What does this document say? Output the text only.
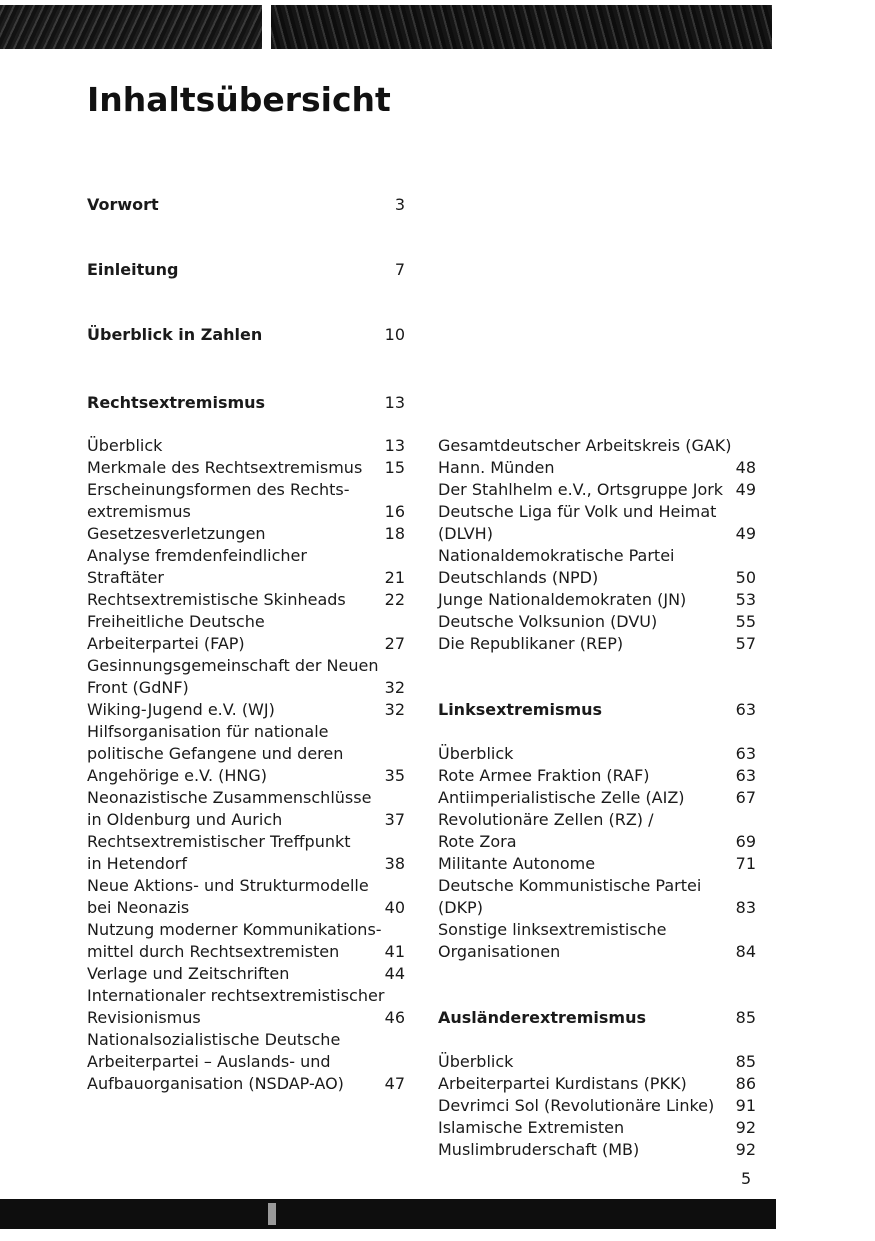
Inhaltsübersicht
Vorwort	3
Einleitung	7
Überblick in Zahlen	10
Rechtsextremismus	13
Überblick	13
Merkmale des Rechtsextremismus 15
Erscheinungsformen des Rechts-
extremismus	16
Gesetzesverletzungen	18
Analyse fremdenfeindlicher
Straftäter	21
Rechtsextremistische Skinheads 22
Freiheitliche Deutsche
Arbeiterpartei (FAP)	27
Gesinnungsgemeinschaft der Neuen
Front (GdNF)	32
Wiking-Jugend e.V. (WJ)	32
Hilfsorganisation für nationale
politische Gefangene und deren
Angehörige e.V. (HNG)	35
Neonazistische Zusammenschlüsse
in Oldenburg und Aurich	37
Rechtsextremistischer Treffpunkt
in Hetendorf	38
Neue Aktions- und Strukturmodelle
bei Neonazis	40
Nutzung moderner Kommunikations-
mittel durch Rechtsextremisten	41
Verlage und Zeitschriften	44
Internationaler rechtsextremistischer
Revisionismus	46
Nationalsozialistische Deutsche
Arbeiterpartei – Auslands- und
Aufbauorganisation (NSDAP-AO)	47
Gesamtdeutscher Arbeitskreis (GAK)
Hann. Münden	48
Der Stahlhelm e.V., Ortsgruppe Jork 49
Deutsche Liga für Volk und Heimat
(DLVH)	49
Nationaldemokratische Partei
Deutschlands (NPD)	50
Junge Nationaldemokraten (JN)	53
Deutsche Volksunion (DVU)	55
Die Republikaner (REP)	57
Linksextremismus	63
Überblick	63
Rote Armee Fraktion (RAF)	63
Antiimperialistische Zelle (AIZ)	67
Revolutionäre Zellen (RZ) /
Rote Zora	69
Militante Autonome	71
Deutsche Kommunistische Partei
(DKP)	83
Sonstige linksextremistische
Organisationen	84
Ausländerextremismus	85
Überblick	85
Arbeiterpartei Kurdistans (PKK)	86
Devrimci Sol (Revolutionäre Linke) 91
Islamische Extremisten	92
Muslimbruderschaft (MB)	92
5
